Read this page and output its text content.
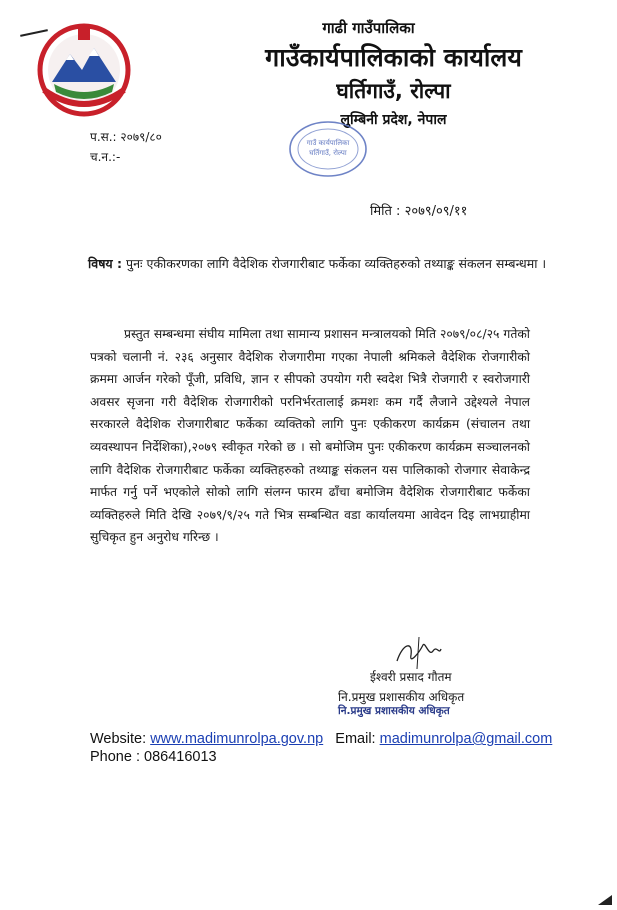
गाढी गाउँपालिका
गाउँकार्यपालिकाको कार्यालय
घर्तिगाउँ, रोल्पा
लुम्बिनी प्रदेश, नेपाल
गाउँ कार्यपालिका
घर्तिगाउँ, रोल्पा
प.स.: २०७९/८०
च.न.:-
मिति : २०७९/०९/११
विषय : पुनः एकीकरणका लागि वैदेशिक रोजगारीबाट फर्केका व्यक्तिहरुको तथ्याङ्क संकलन सम्बन्धमा ।
प्रस्तुत सम्बन्धमा संघीय मामिला तथा सामान्य प्रशासन मन्त्रालयको मिति २०७९/०८/२५ गतेको पत्रको चलानी नं. २३६ अनुसार वैदेशिक रोजगारीमा गएका नेपाली श्रमिकले वैदेशिक रोजगारीको क्रममा आर्जन गरेको पूँजी, प्रविधि, ज्ञान र सीपको उपयोग गरी स्वदेश भित्रै रोजगारी र स्वरोजगारी अवसर सृजना गरी वैदेशिक रोजगारीको परनिर्भरतालाई क्रमशः कम गर्दै लैजाने उद्देश्यले नेपाल सरकारले वैदेशिक रोजगारीबाट फर्केका व्यक्तिको लागि पुनः एकीकरण कार्यक्रम (संचालन तथा व्यवस्थापन निर्देशिका),२०७९ स्वीकृत गरेको छ । सो बमोजिम पुनः एकीकरण कार्यक्रम सञ्चालनको लागि वैदेशिक रोजगारीबाट फर्केका व्यक्तिहरुको तथ्याङ्क संकलन यस पालिकाको रोजगार सेवाकेन्द्र मार्फत गर्नु पर्ने भएकोले सोको लागि संलग्न फारम ढाँचा बमोजिम वैदेशिक रोजगारीबाट फर्केका व्यक्तिहरुले मिति देखि २०७९/९/२५ गते भित्र सम्बन्धित वडा कार्यालयमा आवेदन दिइ लाभग्राहीमा सुचिकृत हुन अनुरोध गरिन्छ ।
ईश्वरी प्रसाद गौतम
नि.प्रमुख प्रशासकीय अधिकृत
नि.प्रमुख प्रशासकीय अधिकृत
Website: www.madimunrolpa.gov.np Email: madimunrolpa@gmail.com
Phone : 086416013
